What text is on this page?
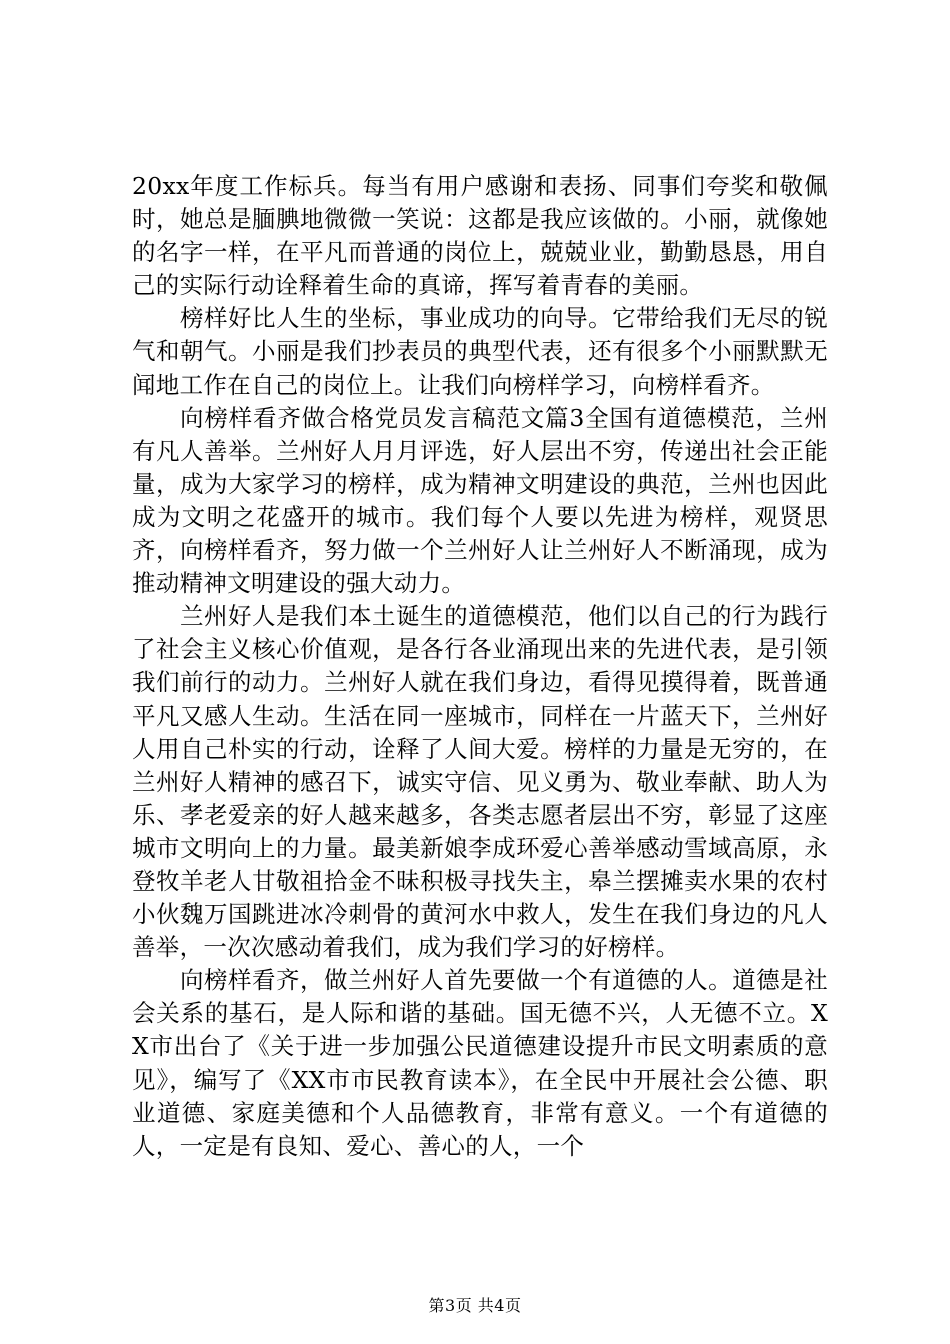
20xx年度工作标兵。每当有用户感谢和表扬、同事们夸奖和敬佩时，她总是腼腆地微微一笑说：这都是我应该做的。小丽，就像她的名字一样，在平凡而普通的岗位上，兢兢业业，勤勤恳恳，用自己的实际行动诠释着生命的真谛，挥写着青春的美丽。

榜样好比人生的坐标，事业成功的向导。它带给我们无尽的锐气和朝气。小丽是我们抄表员的典型代表，还有很多个小丽默默无闻地工作在自己的岗位上。让我们向榜样学习，向榜样看齐。

向榜样看齐做合格党员发言稿范文篇3全国有道德模范，兰州有凡人善举。兰州好人月月评选，好人层出不穷，传递出社会正能量，成为大家学习的榜样，成为精神文明建设的典范，兰州也因此成为文明之花盛开的城市。我们每个人要以先进为榜样，观贤思齐，向榜样看齐，努力做一个兰州好人让兰州好人不断涌现，成为推动精神文明建设的强大动力。

兰州好人是我们本土诞生的道德模范，他们以自己的行为践行了社会主义核心价值观，是各行各业涌现出来的先进代表，是引领我们前行的动力。兰州好人就在我们身边，看得见摸得着，既普通平凡又感人生动。生活在同一座城市，同样在一片蓝天下，兰州好人用自己朴实的行动，诠释了人间大爱。榜样的力量是无穷的，在兰州好人精神的感召下，诚实守信、见义勇为、敬业奉献、助人为乐、孝老爱亲的好人越来越多，各类志愿者层出不穷，彰显了这座城市文明向上的力量。最美新娘李成环爱心善举感动雪域高原，永登牧羊老人甘敬祖拾金不昧积极寻找失主，皋兰摆摊卖水果的农村小伙魏万国跳进冰冷刺骨的黄河水中救人，发生在我们身边的凡人善举，一次次感动着我们，成为我们学习的好榜样。

向榜样看齐，做兰州好人首先要做一个有道德的人。道德是社会关系的基石，是人际和谐的基础。国无德不兴，人无德不立。XX市出台了《关于进一步加强公民道德建设提升市民文明素质的意见》，编写了《XX市市民教育读本》，在全民中开展社会公德、职业道德、家庭美德和个人品德教育，非常有意义。一个有道德的人，一定是有良知、爱心、善心的人，一个

第3页 共4页
